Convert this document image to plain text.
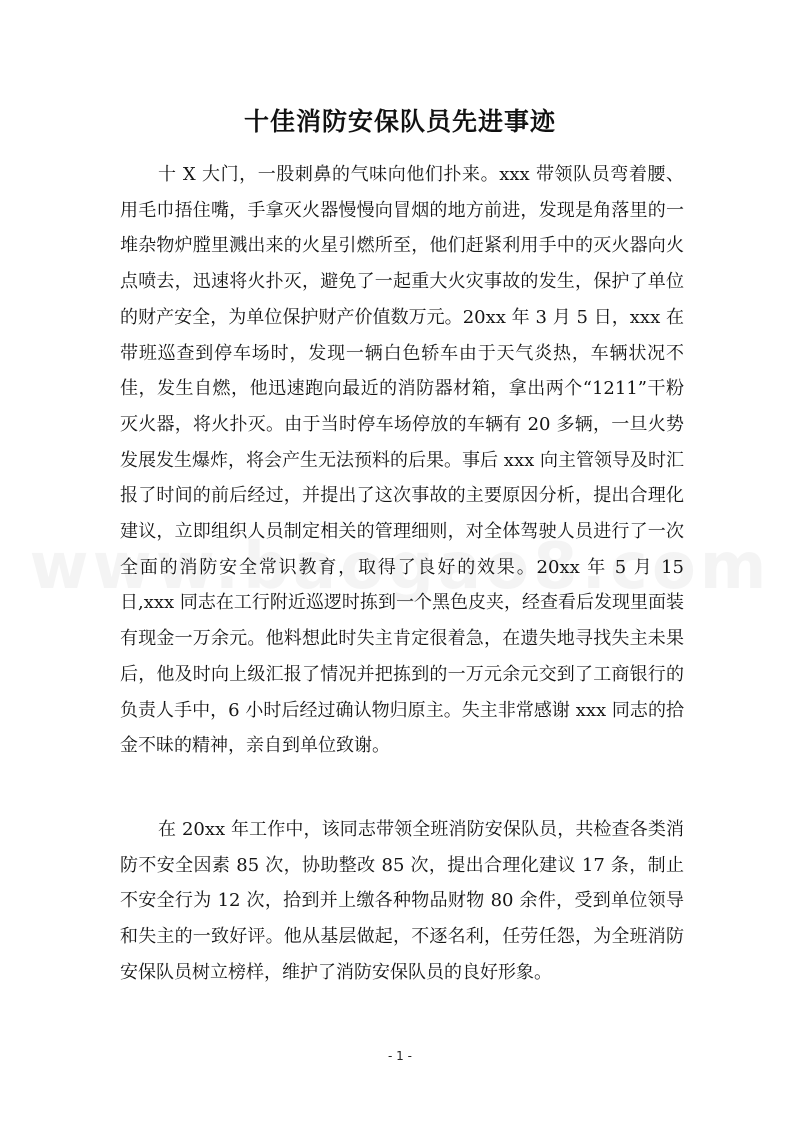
十佳消防安保队员先进事迹

十 X 大门，一股刺鼻的气味向他们扑来。xxx 带领队员弯着腰、用毛巾捂住嘴，手拿灭火器慢慢向冒烟的地方前进，发现是角落里的一堆杂物炉膛里溅出来的火星引燃所至，他们赶紧利用手中的灭火器向火点喷去，迅速将火扑灭，避免了一起重大火灾事故的发生，保护了单位的财产安全，为单位保护财产价值数万元。20xx 年 3 月 5 日，xxx 在带班巡查到停车场时，发现一辆白色轿车由于天气炎热，车辆状况不佳，发生自燃，他迅速跑向最近的消防器材箱，拿出两个“1211”干粉灭火器，将火扑灭。由于当时停车场停放的车辆有 20 多辆，一旦火势发展发生爆炸，将会产生无法预料的后果。事后 xxx 向主管领导及时汇报了时间的前后经过，并提出了这次事故的主要原因分析，提出合理化建议，立即组织人员制定相关的管理细则，对全体驾驶人员进行了一次全面的消防安全常识教育，取得了良好的效果。20xx 年 5 月 15 日,xxx 同志在工行附近巡逻时拣到一个黑色皮夹，经查看后发现里面装有现金一万余元。他料想此时失主肯定很着急，在遗失地寻找失主未果后，他及时向上级汇报了情况并把拣到的一万元余元交到了工商银行的负责人手中，6 小时后经过确认物归原主。失主非常感谢 xxx 同志的拾金不昧的精神，亲自到单位致谢。

在 20xx 年工作中，该同志带领全班消防安保队员，共检查各类消防不安全因素 85 次，协助整改 85 次，提出合理化建议 17 条，制止不安全行为 12 次，拾到并上缴各种物品财物 80 余件，受到单位领导和失主的一致好评。他从基层做起，不逐名利，任劳任怨，为全班消防安保队员树立榜样，维护了消防安保队员的良好形象。

- 1 -
